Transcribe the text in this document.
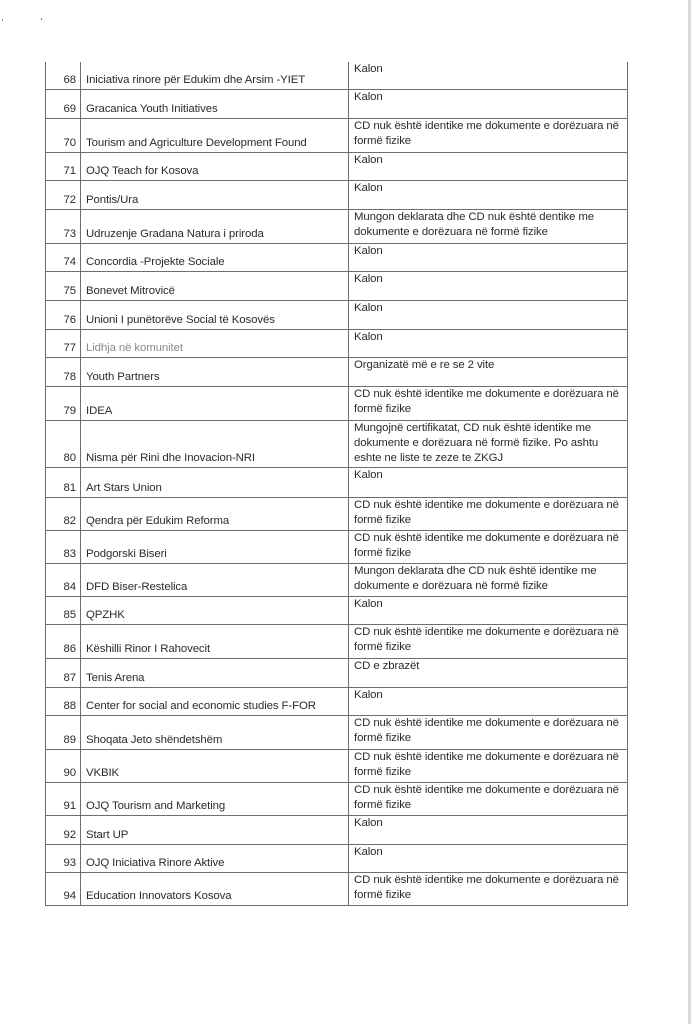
68	Iniciativa rinore për Edukim dhe Arsim -YIET	Kalon
69	Gracanica Youth Initiatives	Kalon
70	Tourism and Agriculture Development Found	CD nuk është identike me dokumente e dorëzuara në formë fizike
71	OJQ Teach for Kosova	Kalon
72	Pontis/Ura	Kalon
73	Udruzenje Gradana Natura i priroda	Mungon deklarata dhe CD nuk është dentike me dokumente e dorëzuara në formë fizike
74	Concordia -Projekte Sociale	Kalon
75	Bonevet Mitrovicë	Kalon
76	Unioni I punëtorëve Social të Kosovës	Kalon
77	Lidhja në komunitet	Kalon
78	Youth Partners	Organizatë më e re se 2 vite
79	IDEA	CD nuk është identike me dokumente e dorëzuara në formë fizike
80	Nisma për Rini dhe Inovacion-NRI	Mungojnë certifikatat, CD nuk është identike me dokumente e dorëzuara në formë fizike. Po ashtu eshte ne liste te zeze te ZKGJ
81	Art Stars Union	Kalon
82	Qendra për Edukim Reforma	CD nuk është identike me dokumente e dorëzuara në formë fizike
83	Podgorski Biseri	CD nuk është identike me dokumente e dorëzuara në formë fizike
84	DFD Biser-Restelica	Mungon deklarata dhe CD nuk është identike me dokumente e dorëzuara në formë fizike
85	QPZHK	Kalon
86	Këshilli Rinor I Rahovecit	CD nuk është identike me dokumente e dorëzuara në formë fizike
87	Tenis Arena	CD e zbrazët
88	Center for social and economic studies F-FOR	Kalon
89	Shoqata Jeto shëndetshëm	CD nuk është identike me dokumente e dorëzuara në formë fizike
90	VKBIK	CD nuk është identike me dokumente e dorëzuara në formë fizike
91	OJQ Tourism and Marketing	CD nuk është identike me dokumente e dorëzuara në formë fizike
92	Start UP	Kalon
93	OJQ Iniciativa Rinore Aktive	Kalon
94	Education Innovators Kosova	CD nuk është identike me dokumente e dorëzuara në formë fizike
